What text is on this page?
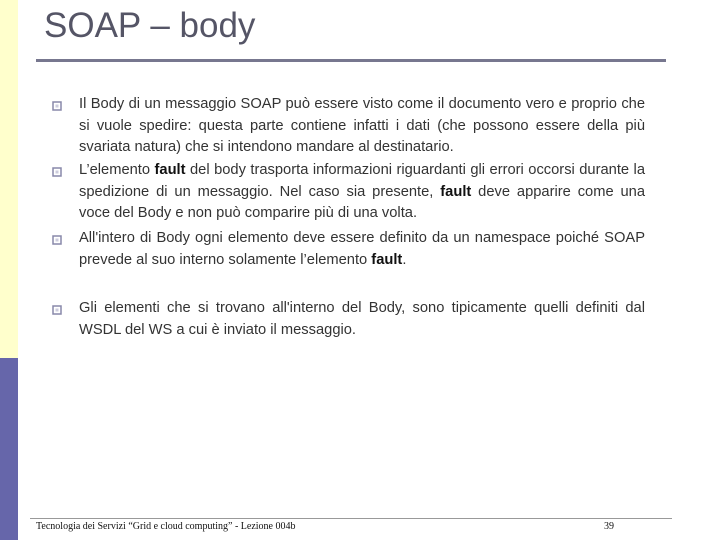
SOAP – body
Il Body di un messaggio SOAP può essere visto come il documento vero e proprio che si vuole spedire: questa parte contiene infatti i dati (che possono essere della più svariata natura) che si intendono mandare al destinatario.
L’elemento fault del body trasporta informazioni riguardanti gli errori occorsi durante la spedizione di un messaggio. Nel caso sia presente, fault deve apparire come una voce del Body e non può comparire più di una volta.
All'intero di Body ogni elemento deve essere definito da un namespace poiché SOAP prevede al suo interno solamente l’elemento fault.
Gli elementi che si trovano all'interno del Body, sono tipicamente quelli definiti dal WSDL del WS a cui è inviato il messaggio.
Tecnologia dei Servizi “Grid e cloud computing” - Lezione 004b	39
